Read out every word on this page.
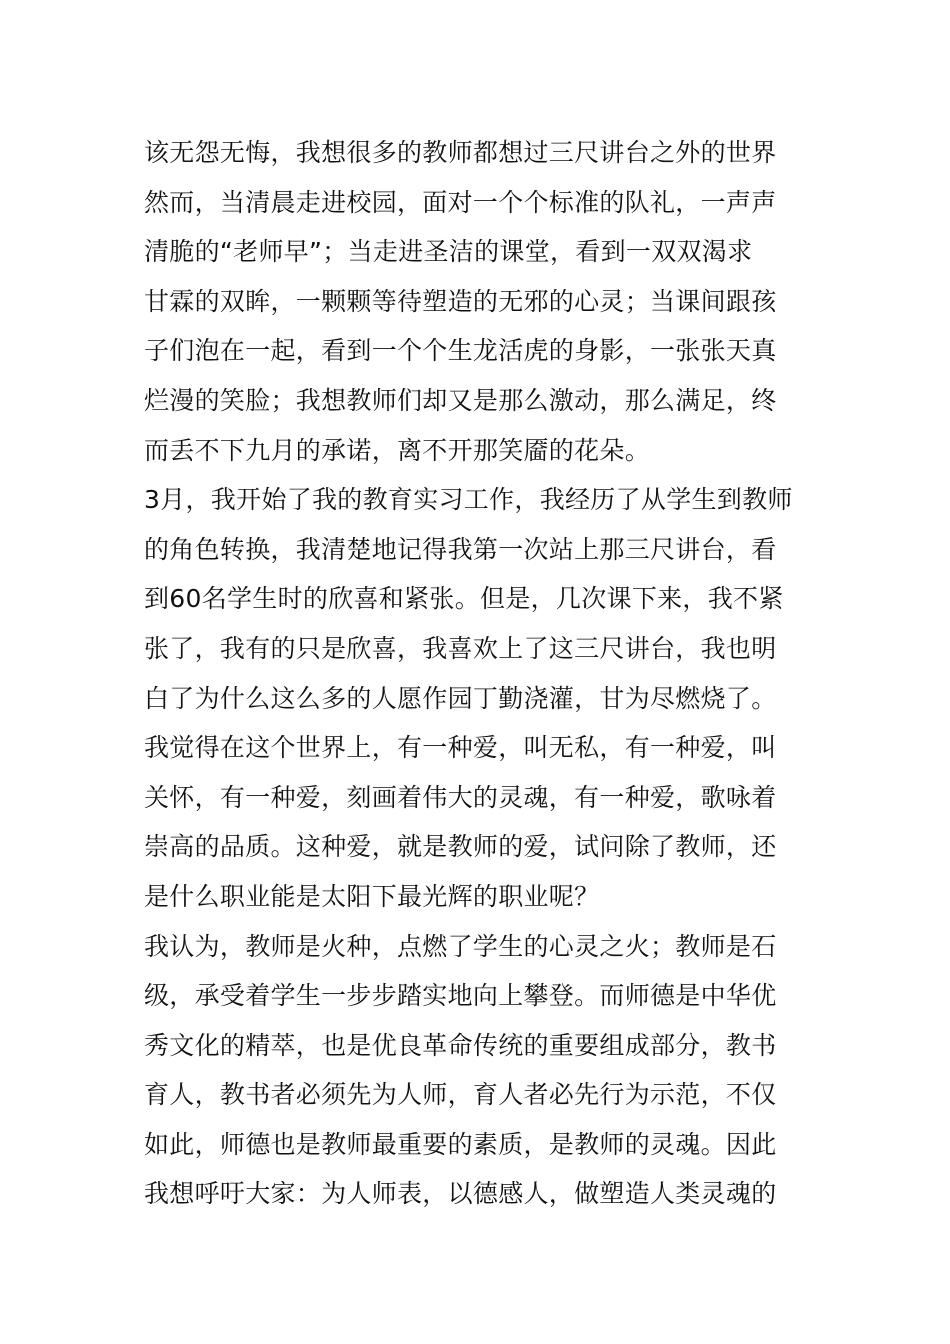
该无怨无悔，我想很多的教师都想过三尺讲台之外的世界
然而，当清晨走进校园，面对一个个标准的队礼，一声声
清脆的“老师早”；当走进圣洁的课堂，看到一双双渴求
甘霖的双眸，一颗颗等待塑造的无邪的心灵；当课间跟孩
子们泡在一起，看到一个个生龙活虎的身影，一张张天真
烂漫的笑脸；我想教师们却又是那么激动，那么满足，终
而丢不下九月的承诺，离不开那笑靥的花朵。
3月，我开始了我的教育实习工作，我经历了从学生到教师
的角色转换，我清楚地记得我第一次站上那三尺讲台，看
到60名学生时的欣喜和紧张。但是，几次课下来，我不紧
张了，我有的只是欣喜，我喜欢上了这三尺讲台，我也明
白了为什么这么多的人愿作园丁勤浇灌，甘为尽燃烧了。
我觉得在这个世界上，有一种爱，叫无私，有一种爱，叫
关怀，有一种爱，刻画着伟大的灵魂，有一种爱，歌咏着
崇高的品质。这种爱，就是教师的爱，试问除了教师，还
是什么职业能是太阳下最光辉的职业呢？
我认为，教师是火种，点燃了学生的心灵之火；教师是石
级，承受着学生一步步踏实地向上攀登。而师德是中华优
秀文化的精萃，也是优良革命传统的重要组成部分，教书
育人，教书者必须先为人师，育人者必先行为示范，不仅
如此，师德也是教师最重要的素质，是教师的灵魂。因此
我想呼吁大家：为人师表，以德感人，做塑造人类灵魂的
